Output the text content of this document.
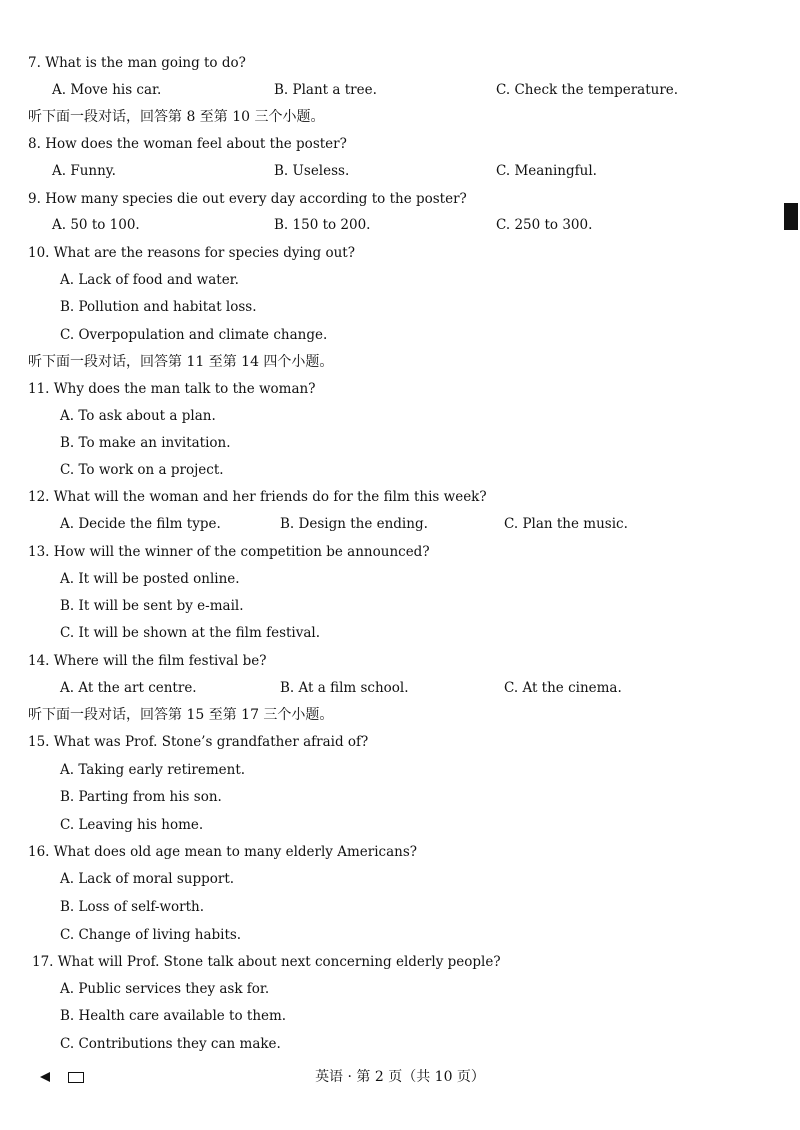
7. What is the man going to do?
A. Move his car.	B. Plant a tree.	C. Check the temperature.
听下面一段对话，回答第 8 至第 10 三个小题。
8. How does the woman feel about the poster?
A. Funny.	B. Useless.	C. Meaningful.
9. How many species die out every day according to the poster?
A. 50 to 100.	B. 150 to 200.	C. 250 to 300.
10. What are the reasons for species dying out?
A. Lack of food and water.
B. Pollution and habitat loss.
C. Overpopulation and climate change.
听下面一段对话，回答第 11 至第 14 四个小题。
11. Why does the man talk to the woman?
A. To ask about a plan.
B. To make an invitation.
C. To work on a project.
12. What will the woman and her friends do for the film this week?
A. Decide the film type.	B. Design the ending.	C. Plan the music.
13. How will the winner of the competition be announced?
A. It will be posted online.
B. It will be sent by e-mail.
C. It will be shown at the film festival.
14. Where will the film festival be?
A. At the art centre.	B. At a film school.	C. At the cinema.
听下面一段对话，回答第 15 至第 17 三个小题。
15. What was Prof. Stone’s grandfather afraid of?
A. Taking early retirement.
B. Parting from his son.
C. Leaving his home.
16. What does old age mean to many elderly Americans?
A. Lack of moral support.
B. Loss of self-worth.
C. Change of living habits.
17. What will Prof. Stone talk about next concerning elderly people?
A. Public services they ask for.
B. Health care available to them.
C. Contributions they can make.
英语 · 第 2 页（共 10 页）
